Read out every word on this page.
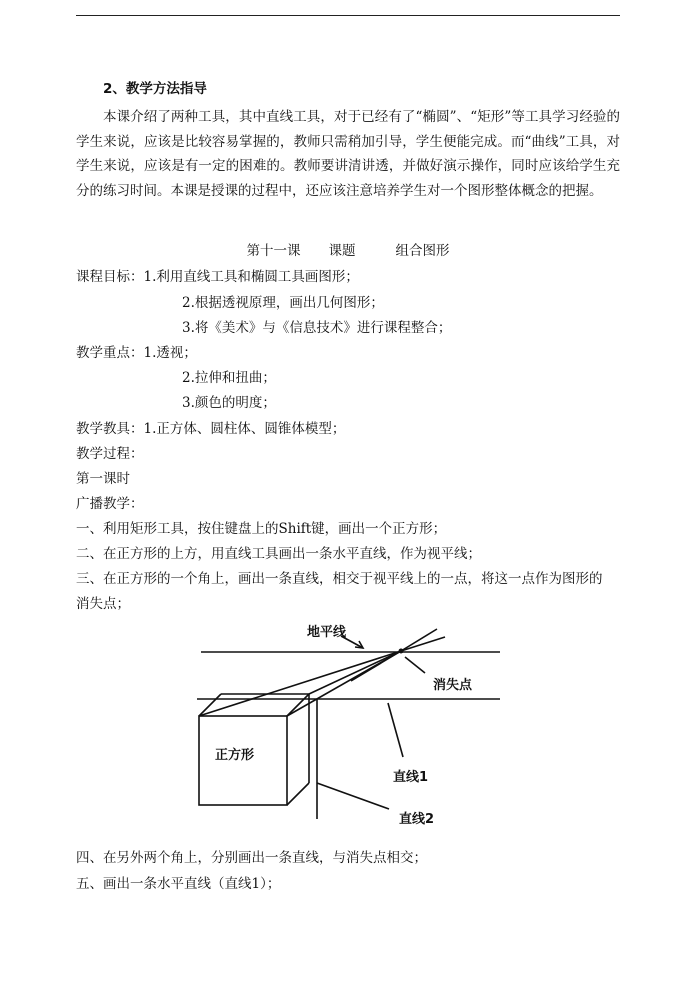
2、教学方法指导
本课介绍了两种工具，其中直线工具，对于已经有了“椭圆”、“矩形”等工具学习经验的学生来说，应该是比较容易掌握的，教师只需稍加引导，学生便能完成。而“曲线”工具，对学生来说，应该是有一定的困难的。教师要讲清讲透，并做好演示操作，同时应该给学生充分的练习时间。本课是授课的过程中，还应该注意培养学生对一个图形整体概念的把握。
第十一课 课题	组合图形
课程目标：1.利用直线工具和椭圆工具画图形；
2.根据透视原理，画出几何图形；
3.将《美术》与《信息技术》进行课程整合；
教学重点：1.透视；
2.拉伸和扭曲；
3.颜色的明度；
教学教具：1.正方体、圆柱体、圆锥体模型；
教学过程：
第一课时
广播教学：
一、利用矩形工具，按住键盘上的Shift键，画出一个正方形；
二、在正方形的上方，用直线工具画出一条水平直线，作为视平线；
三、在正方形的一个角上，画出一条直线，相交于视平线上的一点，将这一点作为图形的
消失点；
地平线
消失点
正方形
直线1
直线2
四、在另外两个角上，分别画出一条直线，与消失点相交；
五、画出一条水平直线（直线1）；
